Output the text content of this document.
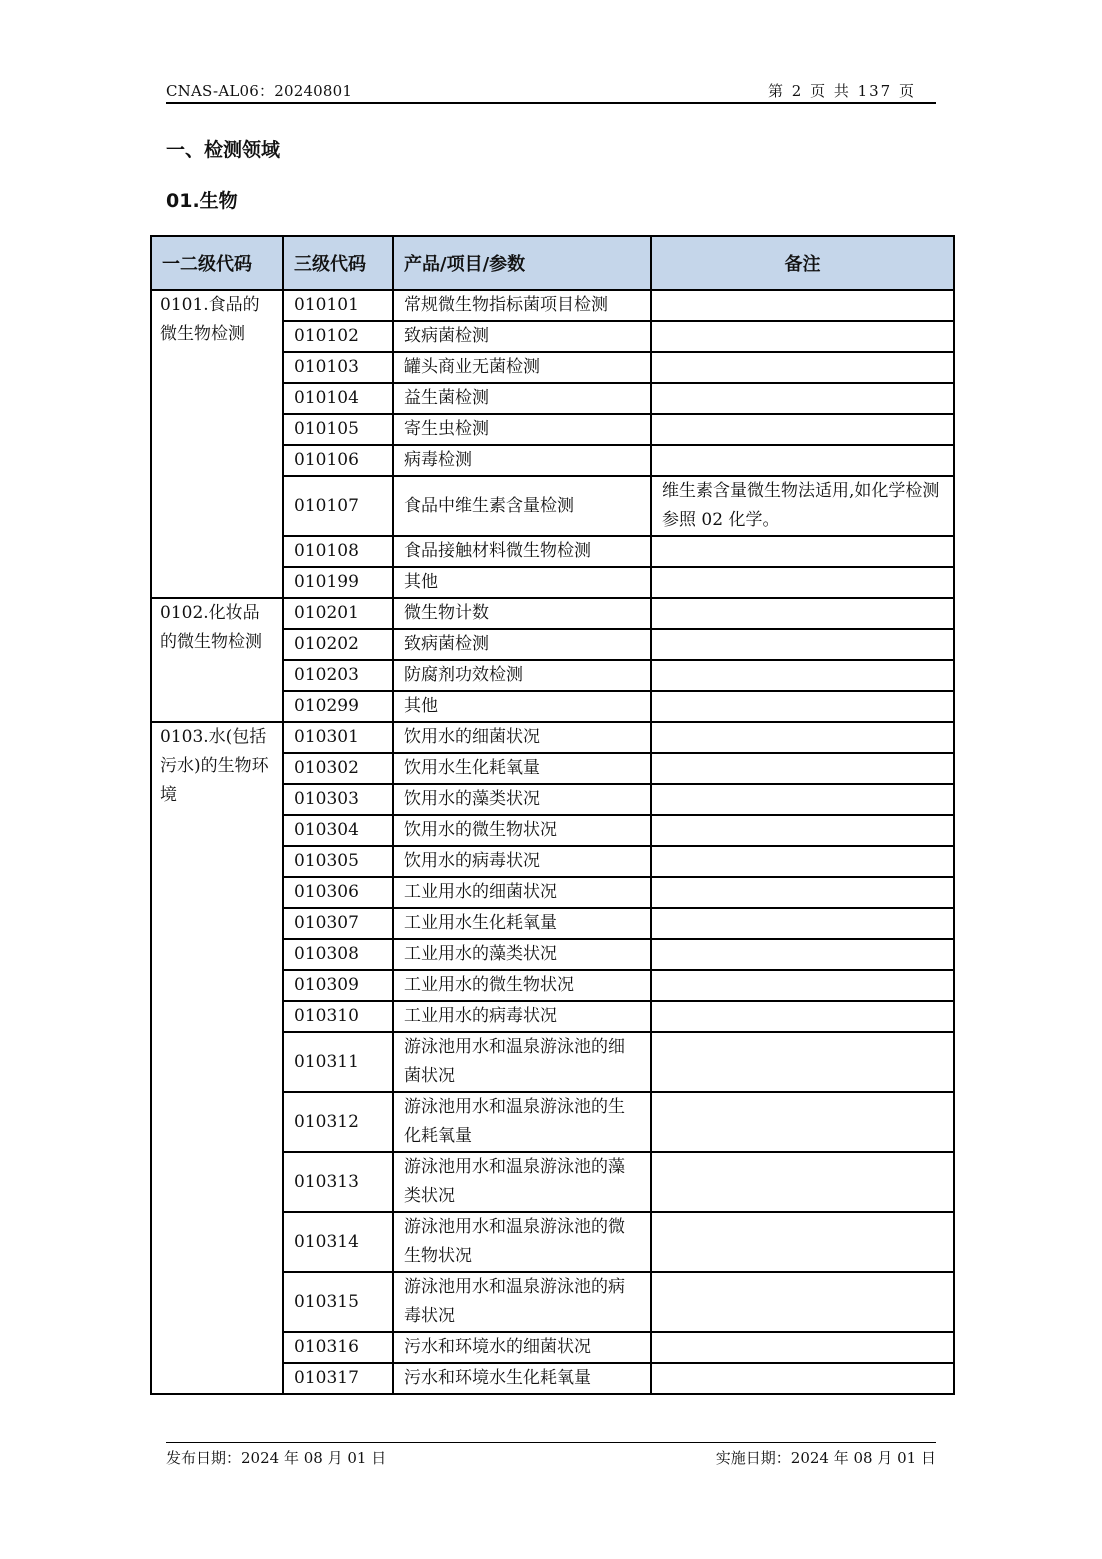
CNAS-AL06：20240801	第 2 页 共 137 页
一、检测领域
01.生物
一二级代码	三级代码	产品/项目/参数	备注
0101.食品的微生物检测	010101	常规微生物指标菌项目检测	
	010102	致病菌检测	
	010103	罐头商业无菌检测	
	010104	益生菌检测	
	010105	寄生虫检测	
	010106	病毒检测	
	010107	食品中维生素含量检测	维生素含量微生物法适用,如化学检测参照 02 化学。
	010108	食品接触材料微生物检测	
	010199	其他	
0102.化妆品的微生物检测	010201	微生物计数	
	010202	致病菌检测	
	010203	防腐剂功效检测	
	010299	其他	
0103.水(包括污水)的生物环境	010301	饮用水的细菌状况	
	010302	饮用水生化耗氧量	
	010303	饮用水的藻类状况	
	010304	饮用水的微生物状况	
	010305	饮用水的病毒状况	
	010306	工业用水的细菌状况	
	010307	工业用水生化耗氧量	
	010308	工业用水的藻类状况	
	010309	工业用水的微生物状况	
	010310	工业用水的病毒状况	
	010311	游泳池用水和温泉游泳池的细菌状况	
	010312	游泳池用水和温泉游泳池的生化耗氧量	
	010313	游泳池用水和温泉游泳池的藻类状况	
	010314	游泳池用水和温泉游泳池的微生物状况	
	010315	游泳池用水和温泉游泳池的病毒状况	
	010316	污水和环境水的细菌状况	
	010317	污水和环境水生化耗氧量	
发布日期：2024 年 08 月 01 日	实施日期：2024 年 08 月 01 日
